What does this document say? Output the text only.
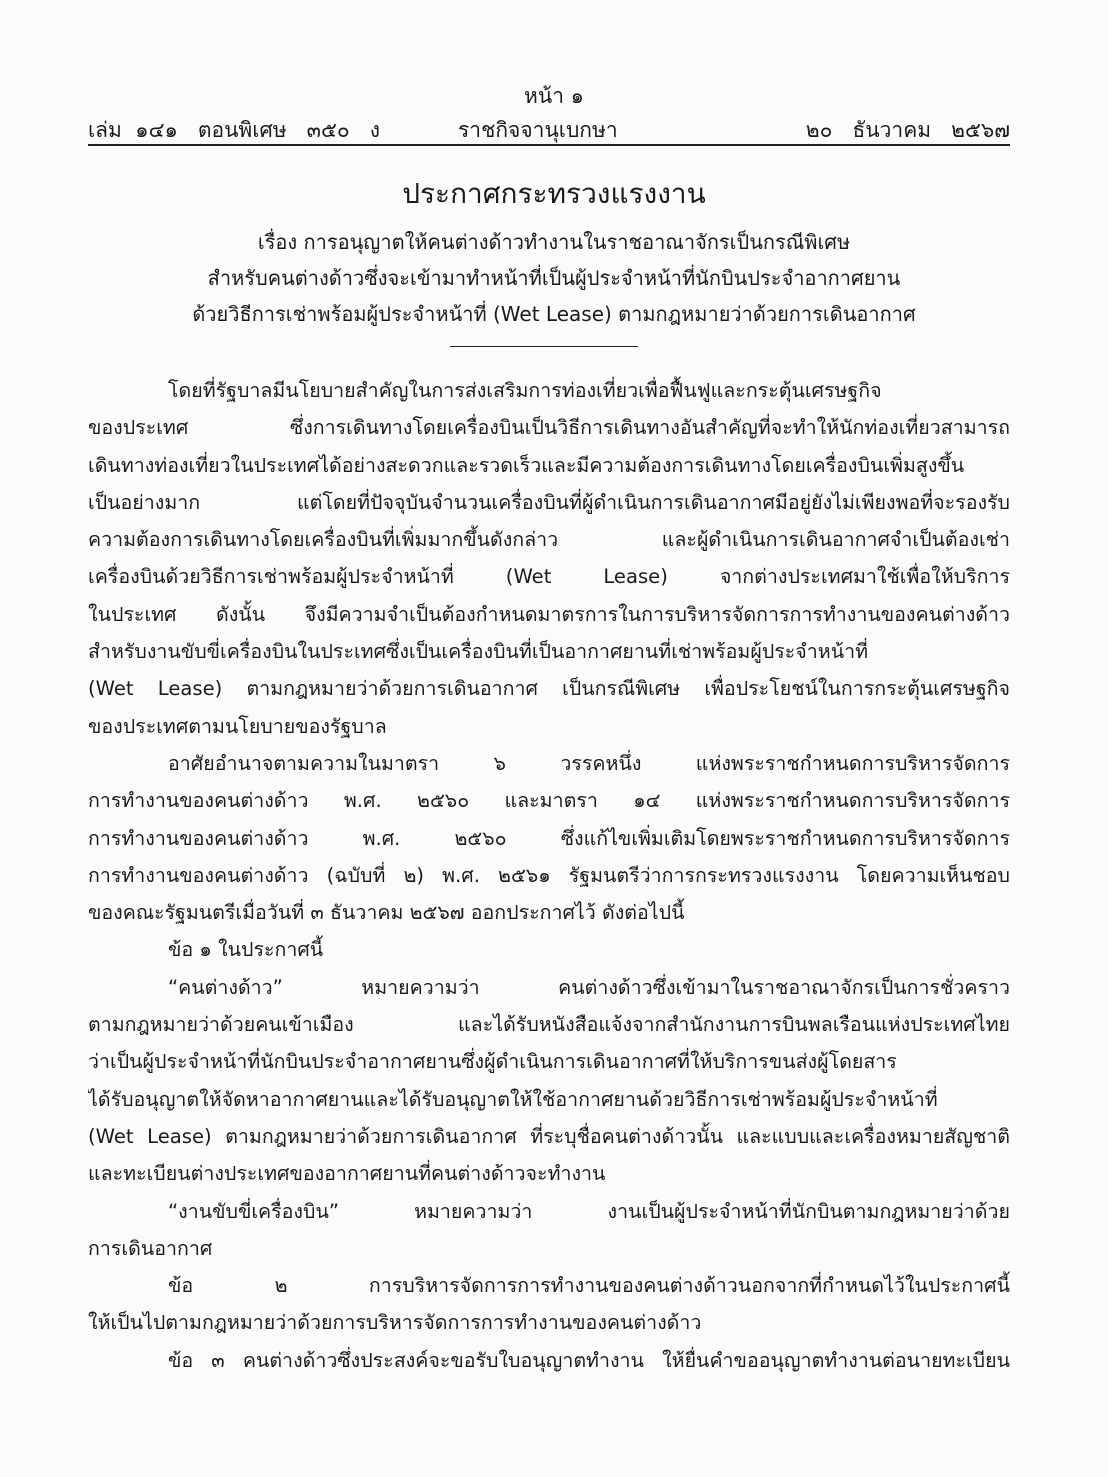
หน้า ๑
เล่ม  ๑๔๑   ตอนพิเศษ   ๓๕๐   ง	ราชกิจจานุเบกษา	๒๐   ธันวาคม   ๒๕๖๗
ประกาศกระทรวงแรงงาน
เรื่อง การอนุญาตให้คนต่างด้าวทำงานในราชอาณาจักรเป็นกรณีพิเศษ
สำหรับคนต่างด้าวซึ่งจะเข้ามาทำหน้าที่เป็นผู้ประจำหน้าที่นักบินประจำอากาศยาน
ด้วยวิธีการเช่าพร้อมผู้ประจำหน้าที่ (Wet Lease) ตามกฎหมายว่าด้วยการเดินอากาศ
โดยที่รัฐบาลมีนโยบายสำคัญในการส่งเสริมการท่องเที่ยวเพื่อฟื้นฟูและกระตุ้นเศรษฐกิจ
ของประเทศ ซึ่งการเดินทางโดยเครื่องบินเป็นวิธีการเดินทางอันสำคัญที่จะทำให้นักท่องเที่ยวสามารถ
เดินทางท่องเที่ยวในประเทศได้อย่างสะดวกและรวดเร็วและมีความต้องการเดินทางโดยเครื่องบินเพิ่มสูงขึ้น
เป็นอย่างมาก แต่โดยที่ปัจจุบันจำนวนเครื่องบินที่ผู้ดำเนินการเดินอากาศมีอยู่ยังไม่เพียงพอที่จะรองรับ
ความต้องการเดินทางโดยเครื่องบินที่เพิ่มมากขึ้นดังกล่าว และผู้ดำเนินการเดินอากาศจำเป็นต้องเช่า
เครื่องบินด้วยวิธีการเช่าพร้อมผู้ประจำหน้าที่ (Wet Lease) จากต่างประเทศมาใช้เพื่อให้บริการ
ในประเทศ ดังนั้น จึงมีความจำเป็นต้องกำหนดมาตรการในการบริหารจัดการการทำงานของคนต่างด้าว
สำหรับงานขับขี่เครื่องบินในประเทศซึ่งเป็นเครื่องบินที่เป็นอากาศยานที่เช่าพร้อมผู้ประจำหน้าที่
(Wet Lease) ตามกฎหมายว่าด้วยการเดินอากาศ เป็นกรณีพิเศษ เพื่อประโยชน์ในการกระตุ้นเศรษฐกิจ
ของประเทศตามนโยบายของรัฐบาล
อาศัยอำนาจตามความในมาตรา ๖ วรรคหนึ่ง แห่งพระราชกำหนดการบริหารจัดการ
การทำงานของคนต่างด้าว พ.ศ. ๒๕๖๐ และมาตรา ๑๔ แห่งพระราชกำหนดการบริหารจัดการ
การทำงานของคนต่างด้าว พ.ศ. ๒๕๖๐ ซึ่งแก้ไขเพิ่มเติมโดยพระราชกำหนดการบริหารจัดการ
การทำงานของคนต่างด้าว (ฉบับที่ ๒) พ.ศ. ๒๕๖๑ รัฐมนตรีว่าการกระทรวงแรงงาน โดยความเห็นชอบ
ของคณะรัฐมนตรีเมื่อวันที่ ๓ ธันวาคม ๒๕๖๗ ออกประกาศไว้ ดังต่อไปนี้
ข้อ ๑ ในประกาศนี้
“คนต่างด้าว” หมายความว่า คนต่างด้าวซึ่งเข้ามาในราชอาณาจักรเป็นการชั่วคราว
ตามกฎหมายว่าด้วยคนเข้าเมือง และได้รับหนังสือแจ้งจากสำนักงานการบินพลเรือนแห่งประเทศไทย
ว่าเป็นผู้ประจำหน้าที่นักบินประจำอากาศยานซึ่งผู้ดำเนินการเดินอากาศที่ให้บริการขนส่งผู้โดยสาร
ได้รับอนุญาตให้จัดหาอากาศยานและได้รับอนุญาตให้ใช้อากาศยานด้วยวิธีการเช่าพร้อมผู้ประจำหน้าที่
(Wet Lease) ตามกฎหมายว่าด้วยการเดินอากาศ ที่ระบุชื่อคนต่างด้าวนั้น และแบบและเครื่องหมายสัญชาติ
และทะเบียนต่างประเทศของอากาศยานที่คนต่างด้าวจะทำงาน
“งานขับขี่เครื่องบิน” หมายความว่า งานเป็นผู้ประจำหน้าที่นักบินตามกฎหมายว่าด้วย
การเดินอากาศ
ข้อ ๒ การบริหารจัดการการทำงานของคนต่างด้าวนอกจากที่กำหนดไว้ในประกาศนี้
ให้เป็นไปตามกฎหมายว่าด้วยการบริหารจัดการการทำงานของคนต่างด้าว
ข้อ ๓ คนต่างด้าวซึ่งประสงค์จะขอรับใบอนุญาตทำงาน ให้ยื่นคำขออนุญาตทำงานต่อนายทะเบียน
